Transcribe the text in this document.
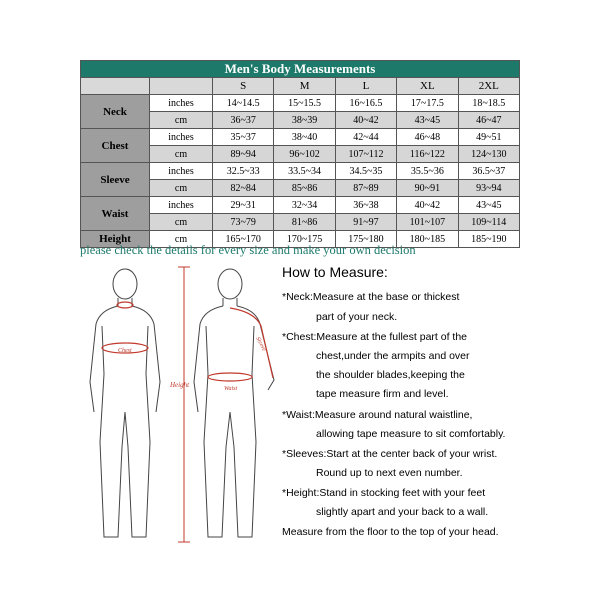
Men's Body Measurements						
		S	M	L	XL	2XL
Neck	inches	14~14.5	15~15.5	16~16.5	17~17.5	18~18.5
	cm	36~37	38~39	40~42	43~45	46~47
Chest	inches	35~37	38~40	42~44	46~48	49~51
	cm	89~94	96~102	107~112	116~122	124~130
Sleeve	inches	32.5~33	33.5~34	34.5~35	35.5~36	36.5~37
	cm	82~84	85~86	87~89	90~91	93~94
Waist	inches	29~31	32~34	36~38	40~42	43~45
	cm	73~79	81~86	91~97	101~107	109~114
Height	cm	165~170	170~175	175~180	180~185	185~190
please check the details for every size and make your own decision
Chest
Height
Sleeve
Waist
How to Measure:
*Neck:Measure at the base or thickest
part of your neck.
*Chest:Measure at the fullest part of the
chest,under the armpits and over
the shoulder blades,keeping the
tape measure firm and level.
*Waist:Measure around natural waistline,
allowing tape measure to sit comfortably.
*Sleeves:Start at the center back of your wrist.
Round up to next even number.
*Height:Stand in stocking feet with your feet
slightly apart and your back to a wall.
Measure from the floor to the top of your head.
